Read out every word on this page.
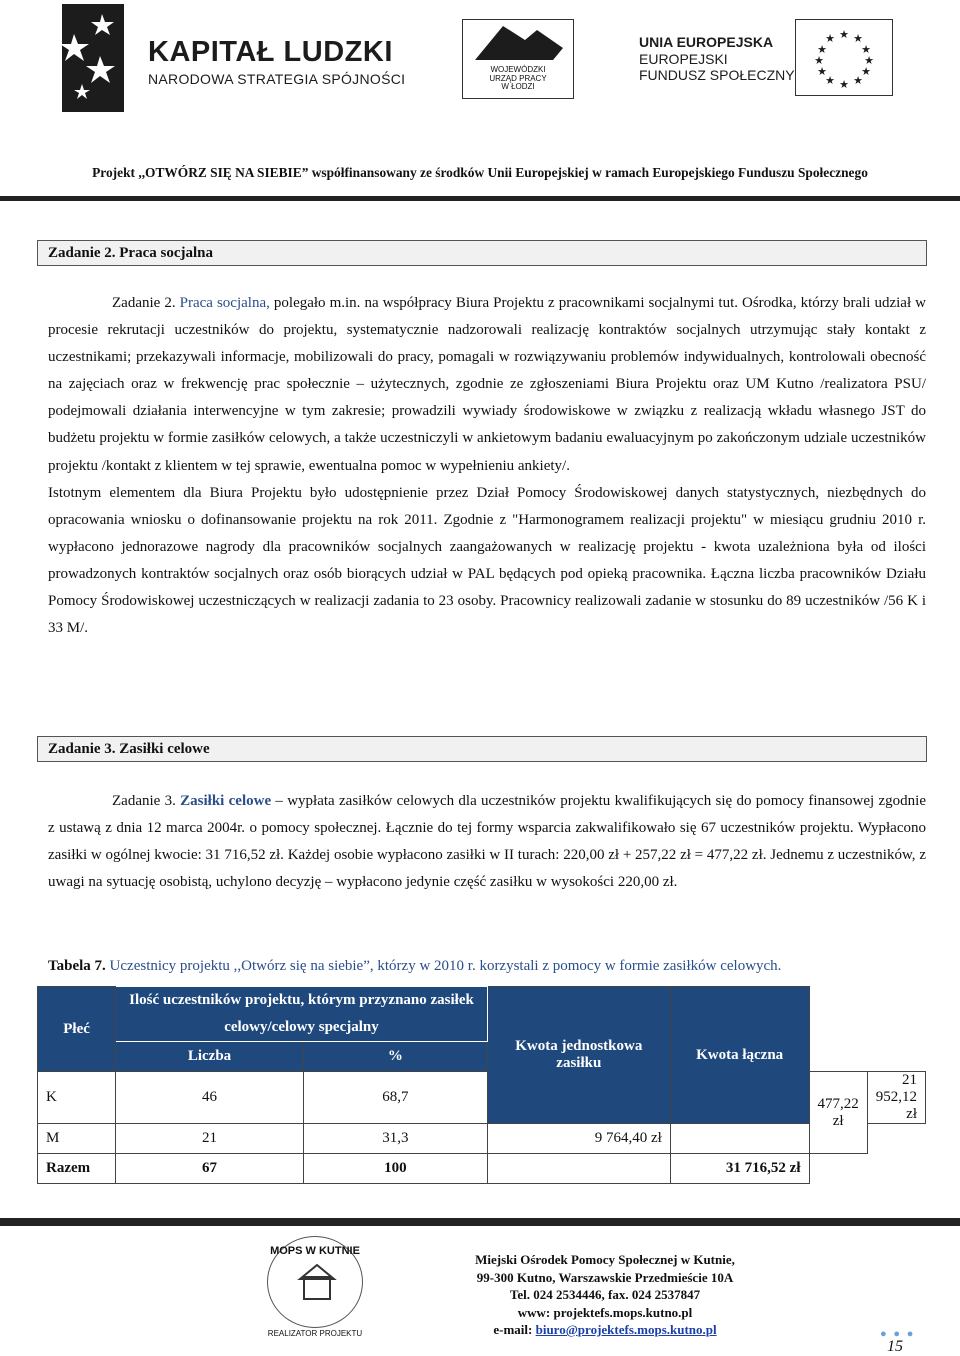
KAPITAŁ LUDZKI
NARODOWA STRATEGIA SPÓJNOŚCI
WOJEWÓDZKI
URZĄD PRACY
W ŁODZI
UNIA EUROPEJSKA
EUROPEJSKI
FUNDUSZ SPOŁECZNY
★ ★
★
★
★
★
★
★
★
★
★
★
Projekt ,,OTWÓRZ SIĘ NA SIEBIE” współfinansowany ze środków Unii Europejskiej w ramach Europejskiego Funduszu Społecznego
Zadanie 2. Praca socjalna

Zadanie 2. Praca socjalna, polegało m.in. na współpracy Biura Projektu z pracownikami socjalnymi tut. Ośrodka, którzy brali udział w procesie rekrutacji uczestników do projektu, systematycznie nadzorowali realizację kontraktów socjalnych utrzymując stały kontakt z uczestnikami; przekazywali informacje, mobilizowali do pracy, pomagali w rozwiązywaniu problemów indywidualnych, kontrolowali obecność na zajęciach oraz w frekwencję prac społecznie – użytecznych, zgodnie ze zgłoszeniami Biura Projektu oraz UM Kutno /realizatora PSU/ podejmowali działania interwencyjne w tym zakresie; prowadzili wywiady środowiskowe w związku z realizacją wkładu własnego JST do budżetu projektu w formie zasiłków celowych, a także uczestniczyli w ankietowym badaniu ewaluacyjnym po zakończonym udziale uczestników projektu /kontakt z klientem w tej sprawie, ewentualna pomoc w wypełnieniu ankiety/.

Istotnym elementem dla Biura Projektu było udostępnienie przez Dział Pomocy Środowiskowej danych statystycznych, niezbędnych do opracowania wniosku o dofinansowanie projektu na rok 2011. Zgodnie z "Harmonogramem realizacji projektu" w miesiącu grudniu 2010 r. wypłacono jednorazowe nagrody dla pracowników socjalnych zaangażowanych w realizację projektu - kwota uzależniona była od ilości prowadzonych kontraktów socjalnych oraz osób biorących udział w PAL będących pod opieką pracownika. Łączna liczba pracowników Działu Pomocy Środowiskowej uczestniczących w realizacji zadania to 23 osoby. Pracownicy realizowali zadanie w stosunku do 89 uczestników /56 K i 33 M/.

Zadanie 3. Zasiłki celowe

Zadanie 3. Zasiłki celowe – wypłata zasiłków celowych dla uczestników projektu kwalifikujących się do pomocy finansowej zgodnie z ustawą z dnia 12 marca 2004r. o pomocy społecznej. Łącznie do tej formy wsparcia zakwalifikowało się 67 uczestników projektu. Wypłacono zasiłki w ogólnej kwocie: 31 716,52 zł. Każdej osobie wypłacono zasiłki w II turach: 220,00 zł + 257,22 zł = 477,22 zł. Jednemu z uczestników, z uwagi na sytuację osobistą, uchylono decyzję – wypłacono jedynie część zasiłku w wysokości 220,00 zł.

Tabela 7. Uczestnicy projektu ,,Otwórz się na siebie”, którzy w 2010 r. korzystali z pomocy w formie zasiłków celowych.
Płeć	Ilość uczestników projektu, którym przyznano zasiłek
celowy/celowy specjalny		Kwota jednostkowa zasiłku	Kwota łączna		
	Liczba	%				
K	46	68,7			477,22 zł	21 952,12 zł
M	21	31,3	9 764,40 zł			
Razem	67	100		31 716,52 zł		
MOPS W KUTNIE
REALIZATOR PROJEKTU
Miejski Ośrodek Pomocy Społecznej w Kutnie,
99-300 Kutno, Warszawskie Przedmieście 10A
Tel. 024 2534446, fax. 024 2537847
www: projektefs.mops.kutno.pl
e-mail: biuro@projektefs.mops.kutno.pl	● ● ●
15
